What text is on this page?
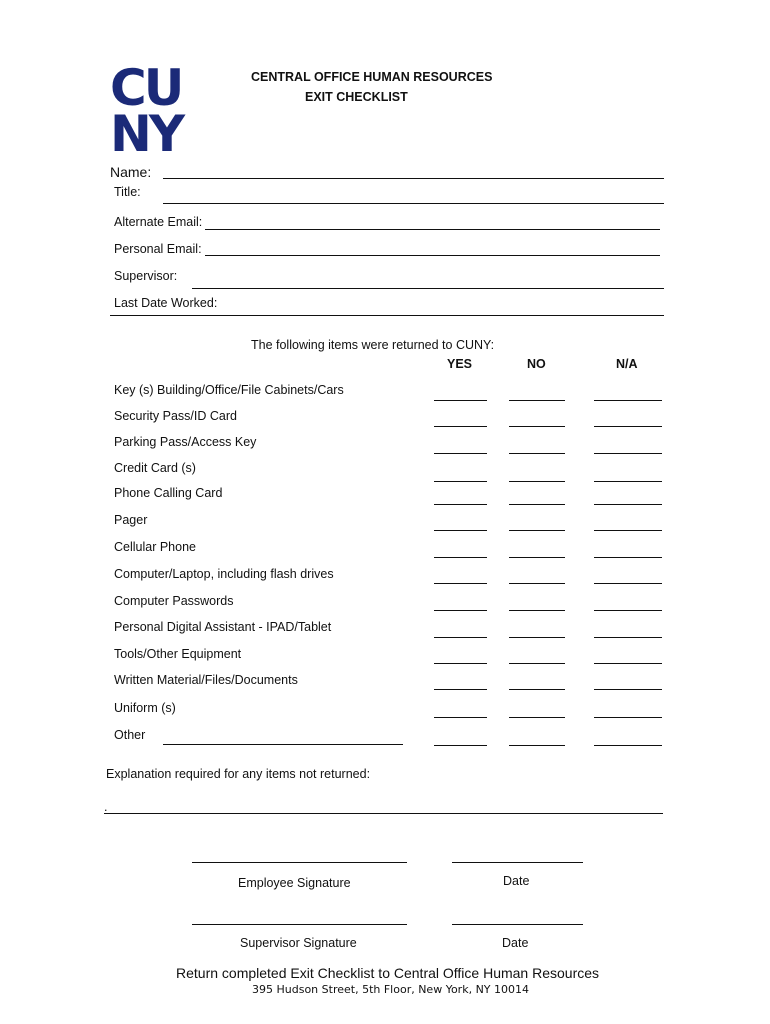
CU
NY
CENTRAL OFFICE HUMAN RESOURCES
EXIT CHECKLIST
Name:
Title:
Alternate Email:
Personal Email:
Supervisor:
Last Date Worked:
The following items were returned to CUNY:
YES	NO	N/A
Key (s) Building/Office/File Cabinets/Cars
Security Pass/ID Card
Parking Pass/Access Key
Credit Card (s)
Phone Calling Card
Pager
Cellular Phone
Computer/Laptop, including flash drives
Computer Passwords
Personal Digital Assistant - IPAD/Tablet
Tools/Other Equipment
Written Material/Files/Documents
Uniform (s)
Other
Explanation required for any items not returned:
.
Employee Signature	Date
Supervisor Signature	Date
Return completed Exit Checklist to Central Office Human Resources
395 Hudson Street, 5th Floor, New York, NY 10014
